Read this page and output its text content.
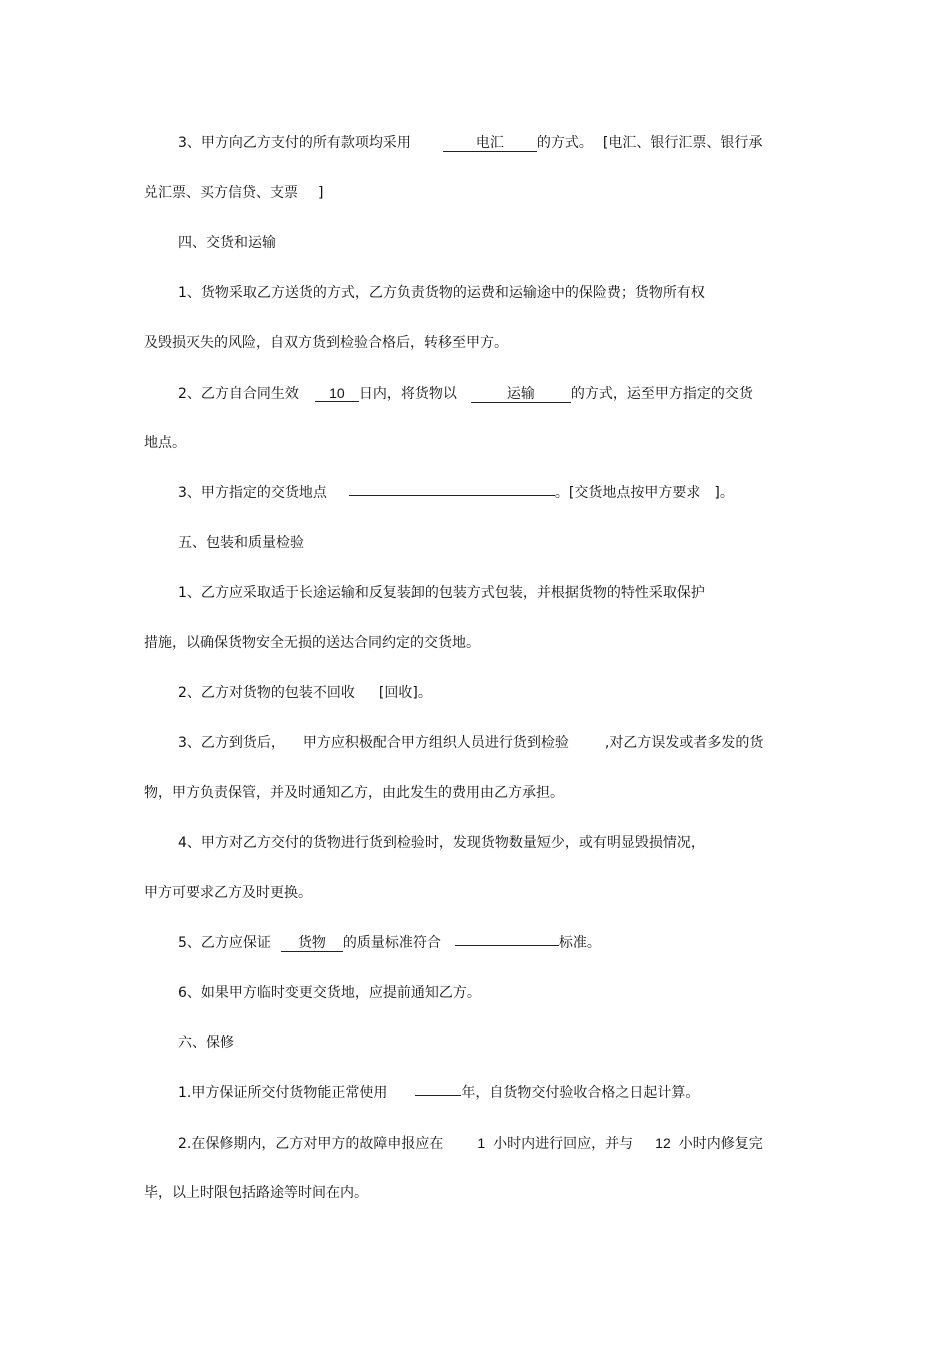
3、甲方向乙方支付的所有款项均采用	电汇 的方式。 [电汇、银行汇票、银行承
兑汇票、买方信贷、支票 ]
四、交货和运输
1、货物采取乙方送货的方式，乙方负责货物的运费和运输途中的保险费；货物所有权
及毁损灭失的风险，自双方货到检验合格后，转移至甲方。
2、乙方自合同生效 10 日内，将货物以	运输	的方式，运至甲方指定的交货
地点。
3、甲方指定的交货地点	。[交货地点按甲方要求 ]。
五、包装和质量检验
1、乙方应采取适于长途运输和反复装卸的包装方式包装，并根据货物的特性采取保护
措施，以确保货物安全无损的送达合同约定的交货地。
2、乙方对货物的包装不回收 [回收]。
3、乙方到货后， 甲方应积极配合甲方组织人员进行货到检验	,对乙方误发或者多发的货
物，甲方负责保管，并及时通知乙方，由此发生的费用由乙方承担。
4、甲方对乙方交付的货物进行货到检验时，发现货物数量短少，或有明显毁损情况，
甲方可要求乙方及时更换。
5、乙方应保证 货物 的质量标准符合	标准。
6、如果甲方临时变更交货地，应提前通知乙方。
六、保修
1.甲方保证所交付货物能正常使用	年，自货物交付验收合格之日起计算。
2.在保修期内，乙方对甲方的故障申报应在 1 小时内进行回应，并与 12 小时内修复完
毕，以上时限包括路途等时间在内。
